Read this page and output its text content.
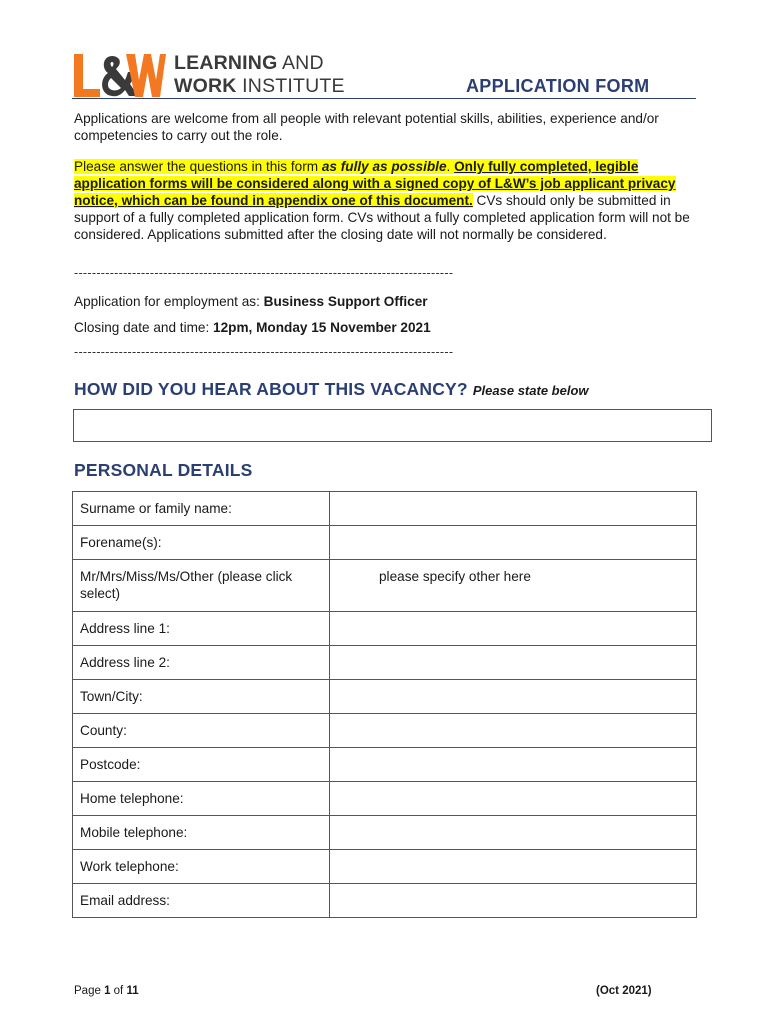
LEARNING AND
WORK INSTITUTE	APPLICATION FORM
Applications are welcome from all people with relevant potential skills, abilities, experience and/or competencies to carry out the role.
Please answer the questions in this form as fully as possible. Only fully completed, legible application forms will be considered along with a signed copy of L&W’s job applicant privacy notice, which can be found in appendix one of this document. CVs should only be submitted in support of a fully completed application form. CVs without a fully completed application form will not be considered. Applications submitted after the closing date will not normally be considered.
-------------------------------------------------------------------------------------
Application for employment as: Business Support Officer
Closing date and time: 12pm, Monday 15 November 2021
-------------------------------------------------------------------------------------
HOW DID YOU HEAR ABOUT THIS VACANCY? Please state below
PERSONAL DETAILS
Surname or family name:	

Forename(s):	

Mr/Mrs/Miss/Ms/Other (please click select)	please specify other here

Address line 1:	

Address line 2:	

Town/City:	

County:	

Postcode:	

Home telephone:	

Mobile telephone:	

Work telephone:	

Email address:	
Page 1 of 11	(Oct 2021)
